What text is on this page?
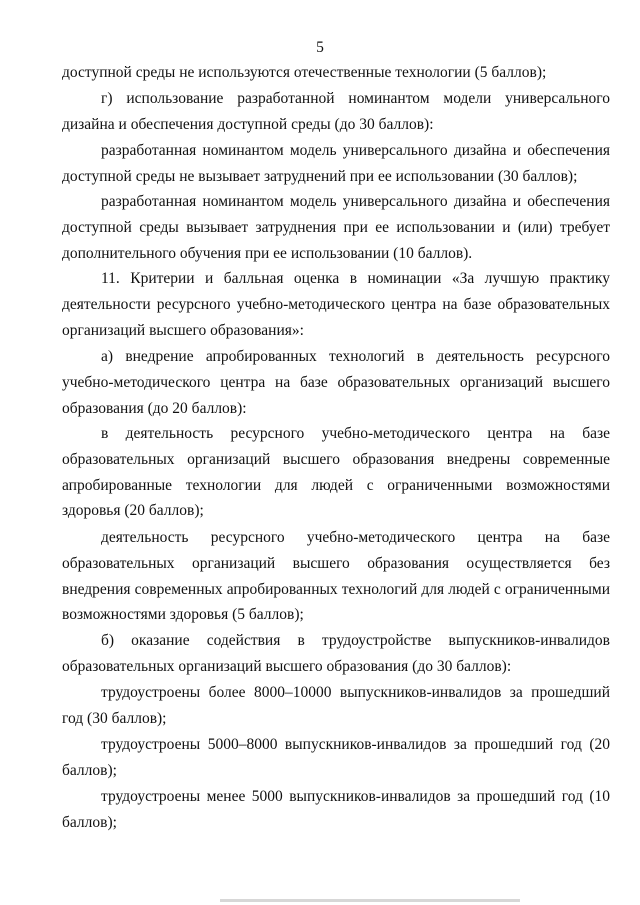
5

доступной среды не используются отечественные технологии (5 баллов);

г) использование разработанной номинантом модели универсального дизайна и обеспечения доступной среды (до 30 баллов):

разработанная номинантом модель универсального дизайна и обеспечения доступной среды не вызывает затруднений при ее использовании (30 баллов);

разработанная номинантом модель универсального дизайна и обеспечения доступной среды вызывает затруднения при ее использовании и (или) требует дополнительного обучения при ее использовании (10 баллов).

11. Критерии и балльная оценка в номинации «За лучшую практику деятельности ресурсного учебно-методического центра на базе образовательных организаций высшего образования»:

а) внедрение апробированных технологий в деятельность ресурсного учебно-методического центра на базе образовательных организаций высшего образования (до 20 баллов):

в деятельность ресурсного учебно-методического центра на базе образовательных организаций высшего образования внедрены современные апробированные технологии для людей с ограниченными возможностями здоровья (20 баллов);

деятельность ресурсного учебно-методического центра на базе образовательных организаций высшего образования осуществляется без внедрения современных апробированных технологий для людей с ограниченными возможностями здоровья (5 баллов);

б) оказание содействия в трудоустройстве выпускников-инвалидов образовательных организаций высшего образования (до 30 баллов):

трудоустроены более 8000–10000 выпускников-инвалидов за прошедший год (30 баллов);

трудоустроены 5000–8000 выпускников-инвалидов за прошедший год (20 баллов);

трудоустроены менее 5000 выпускников-инвалидов за прошедший год (10 баллов);
